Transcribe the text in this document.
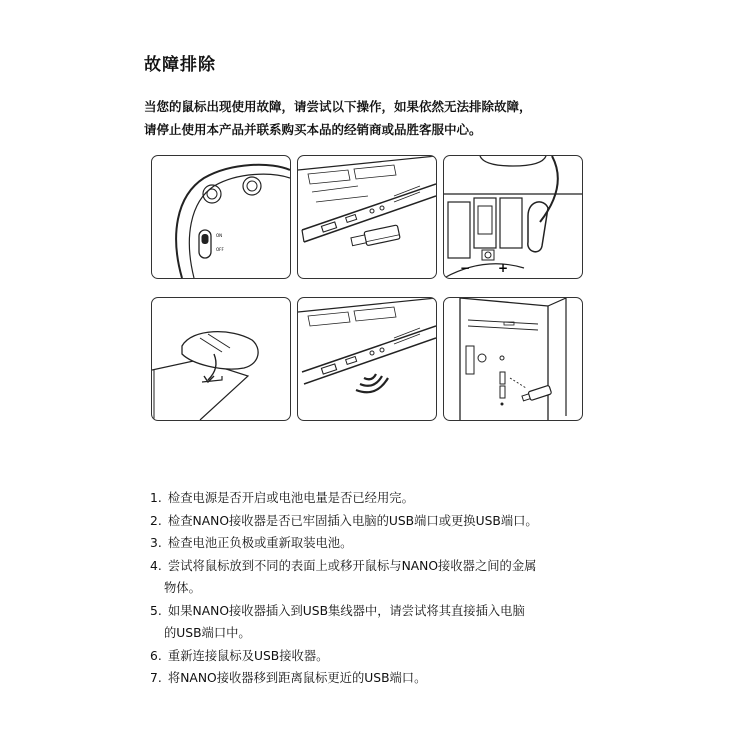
故障排除
当您的鼠标出现使用故障，请尝试以下操作，如果依然无法排除故障，
请停止使用本产品并联系购买本品的经销商或品胜客服中心。
ON
OFF
− +
1. 检查电源是否开启或电池电量是否已经用完。
2. 检查NANO接收器是否已牢固插入电脑的USB端口或更换USB端口。
3. 检查电池正负极或重新取装电池。
4. 尝试将鼠标放到不同的表面上或移开鼠标与NANO接收器之间的金属
物体。
5. 如果NANO接收器插入到USB集线器中，请尝试将其直接插入电脑
的USB端口中。
6. 重新连接鼠标及USB接收器。
7. 将NANO接收器移到距离鼠标更近的USB端口。
